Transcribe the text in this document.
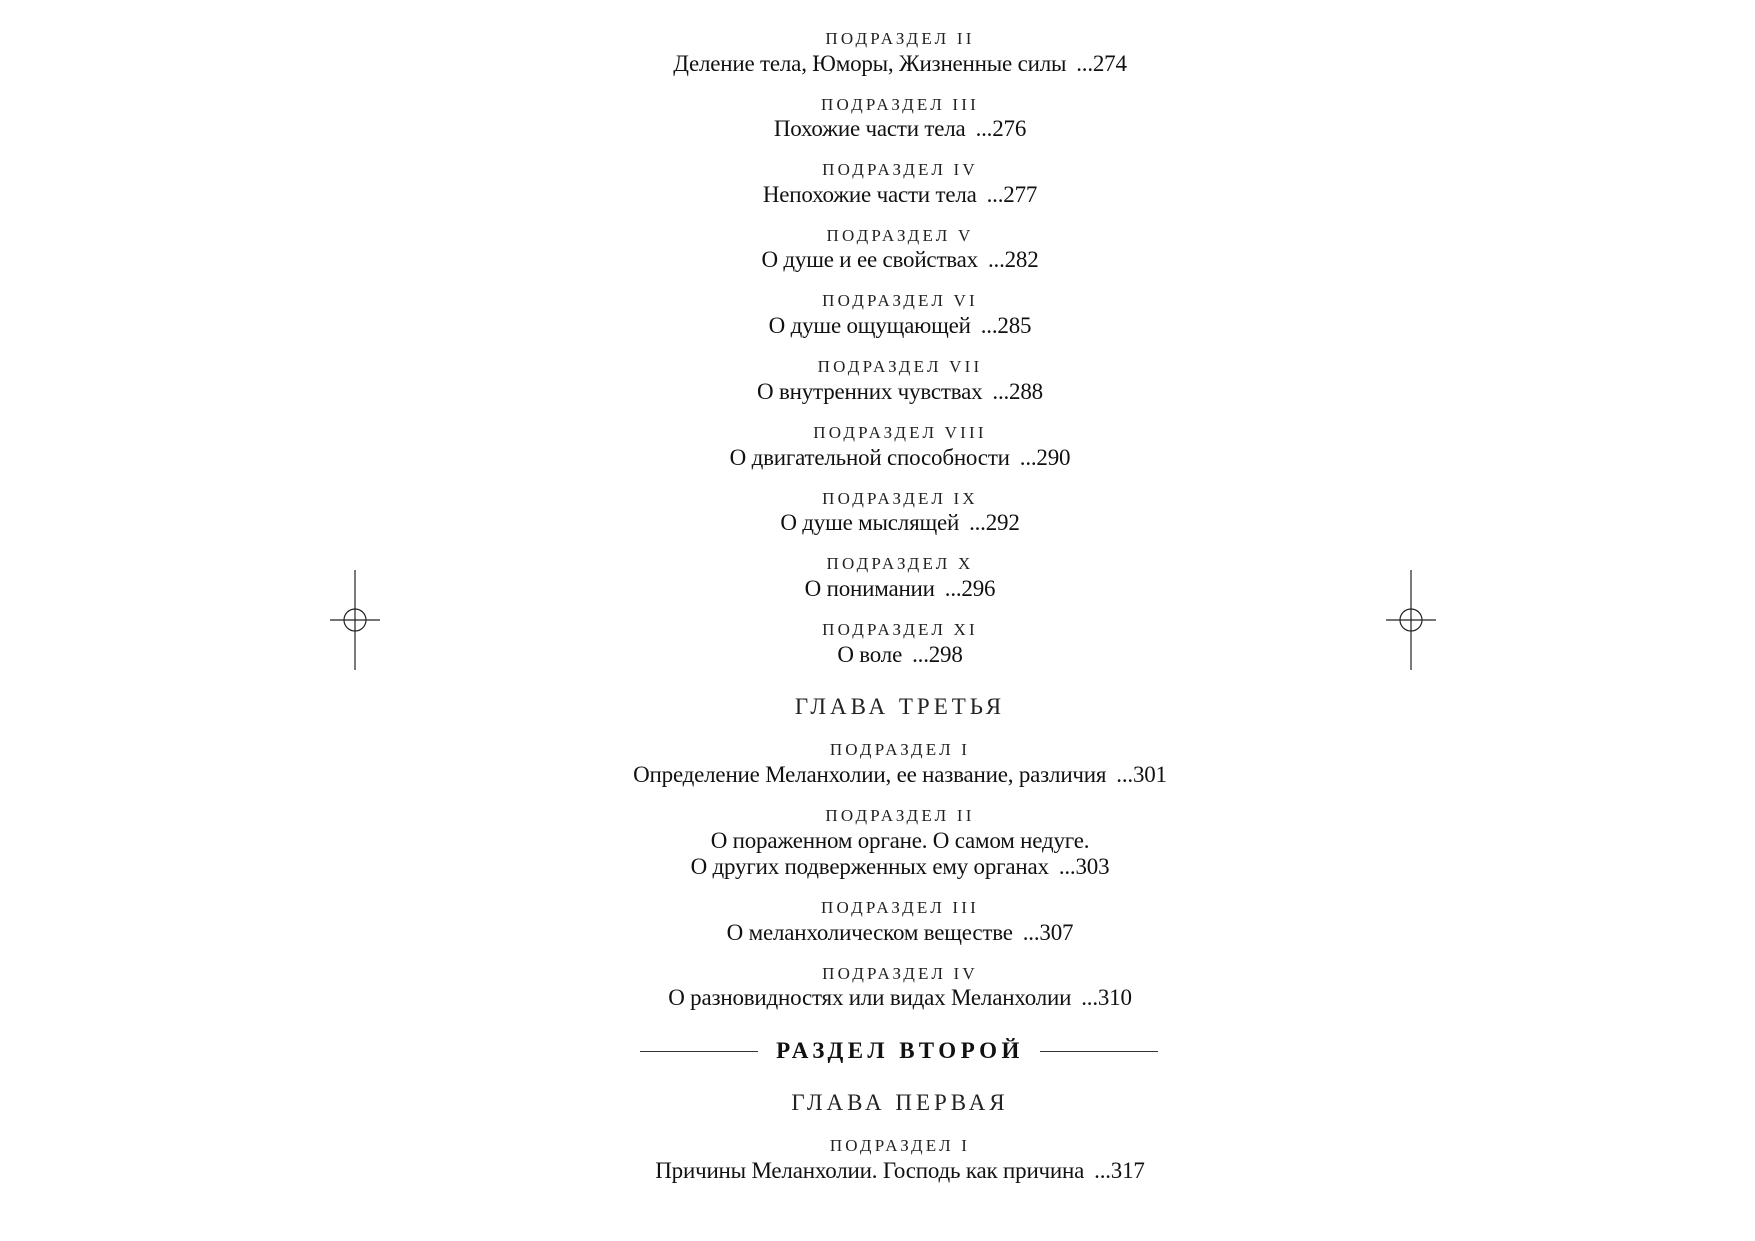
ПОДРАЗДЕЛ II
Деление тела, Юморы, Жизненные силы ...274
ПОДРАЗДЕЛ III
Похожие части тела ...276
ПОДРАЗДЕЛ IV
Непохожие части тела ...277
ПОДРАЗДЕЛ V
О душе и ее свойствах ...282
ПОДРАЗДЕЛ VI
О душе ощущающей ...285
ПОДРАЗДЕЛ VII
О внутренних чувствах ...288
ПОДРАЗДЕЛ VIII
О двигательной способности ...290
ПОДРАЗДЕЛ IX
О душе мыслящей ...292
ПОДРАЗДЕЛ X
О понимании ...296
ПОДРАЗДЕЛ XI
О воле ...298
ГЛАВА ТРЕТЬЯ
ПОДРАЗДЕЛ I
Определение Меланхолии, ее название, различия ...301
ПОДРАЗДЕЛ II
О пораженном органе. О самом недуге.
О других подверженных ему органах ...303
ПОДРАЗДЕЛ III
О меланхолическом веществе ...307
ПОДРАЗДЕЛ IV
О разновидностях или видах Меланхолии ...310
РАЗДЕЛ ВТОРОЙ
ГЛАВА ПЕРВАЯ
ПОДРАЗДЕЛ I
Причины Меланхолии. Господь как причина ...317
